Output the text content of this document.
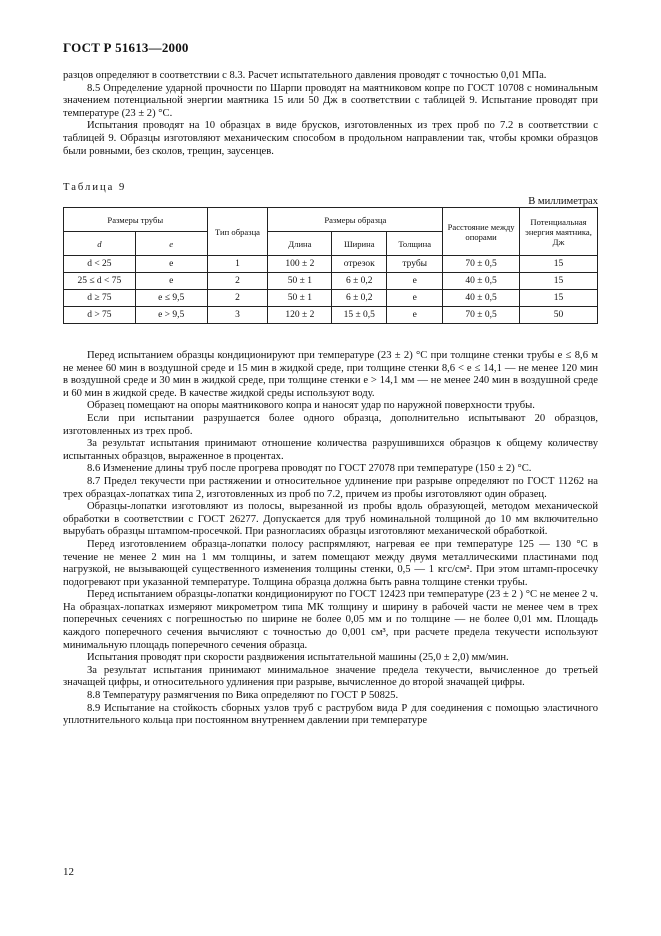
ГОСТ Р 51613—2000

разцов определяют в соответствии с 8.3. Расчет испытательного давления проводят с точностью 0,01 МПа.

8.5 Определение ударной прочности по Шарпи проводят на маятниковом копре по ГОСТ 10708 с номинальным значением потенциальной энергии маятника 15 или 50 Дж в соответствии с таблицей 9. Испытание проводят при температуре (23 ± 2) °С.

Испытания проводят на 10 образцах в виде брусков, изготовленных из трех проб по 7.2 в соответствии с таблицей 9. Образцы изготовляют механическим способом в продольном направлении так, чтобы кромки образцов были ровными, без сколов, трещин, заусенцев.

Таблица 9
В миллиметрах
Размеры трубы		Тип образца	Размеры образца			Расстояние между опорами	Потенциальная энергия маятника, Дж
d	e		Длина	Ширина	Толщина		
d < 25	e	1	100 ± 2	отрезок	трубы	70 ± 0,5	15
25 ≤ d < 75	e	2	50 ± 1	6 ± 0,2	e	40 ± 0,5	15
d ≥ 75	e ≤ 9,5	2	50 ± 1	6 ± 0,2	e	40 ± 0,5	15
d > 75	e > 9,5	3	120 ± 2	15 ± 0,5	e	70 ± 0,5	50

Перед испытанием образцы кондиционируют при температуре (23 ± 2) °С при толщине стенки трубы e ≤ 8,6 м не менее 60 мин в воздушной среде и 15 мин в жидкой среде, при толщине стенки 8,6 < e ≤ 14,1 — не менее 120 мин в воздушной среде и 30 мин в жидкой среде, при толщине стенки e > 14,1 мм — не менее 240 мин в воздушной среде и 60 мин в жидкой среде. В качестве жидкой среды используют воду.

Образец помещают на опоры маятникового копра и наносят удар по наружной поверхности трубы.

Если при испытании разрушается более одного образца, дополнительно испытывают 20 образцов, изготовленных из трех проб.

За результат испытания принимают отношение количества разрушившихся образцов к общему количеству испытанных образцов, выраженное в процентах.

8.6 Изменение длины труб после прогрева проводят по ГОСТ 27078 при температуре (150 ± 2) °С.

8.7 Предел текучести при растяжении и относительное удлинение при разрыве определяют по ГОСТ 11262 на трех образцах-лопатках типа 2, изготовленных из проб по 7.2, причем из пробы изготовляют один образец.

Образцы-лопатки изготовляют из полосы, вырезанной из пробы вдоль образующей, методом механической обработки в соответствии с ГОСТ 26277. Допускается для труб номинальной толщиной до 10 мм включительно вырубать образцы штампом-просечкой. При разногласиях образцы изготовляют механической обработкой.

Перед изготовлением образца-лопатки полосу распрямляют, нагревая ее при температуре 125 — 130 °С в течение не менее 2 мин на 1 мм толщины, и затем помещают между двумя металлическими пластинами под нагрузкой, не вызывающей существенного изменения толщины стенки, 0,5 — 1 кгс/см². При этом штамп-просечку подогревают при указанной температуре. Толщина образца должна быть равна толщине стенки трубы.

Перед испытанием образцы-лопатки кондиционируют по ГОСТ 12423 при температуре (23 ± 2 ) °С не менее 2 ч. На образцах-лопатках измеряют микрометром типа МК толщину и ширину в рабочей части не менее чем в трех поперечных сечениях с погрешностью по ширине не более 0,05 мм и по толщине — не более 0,01 мм. Площадь каждого поперечного сечения вычисляют с точностью до 0,001 см³, при расчете предела текучести используют минимальную площадь поперечного сечения образца.

Испытания проводят при скорости раздвижения испытательной машины (25,0 ± 2,0) мм/мин.

За результат испытания принимают минимальное значение предела текучести, вычисленное до третьей значащей цифры, и относительного удлинения при разрыве, вычисленное до второй значащей цифры.

8.8 Температуру размягчения по Вика определяют по ГОСТ Р 50825.

8.9 Испытание на стойкость сборных узлов труб с раструбом вида Р для соединения с помощью эластичного уплотнительного кольца при постоянном внутреннем давлении при температуре

12
